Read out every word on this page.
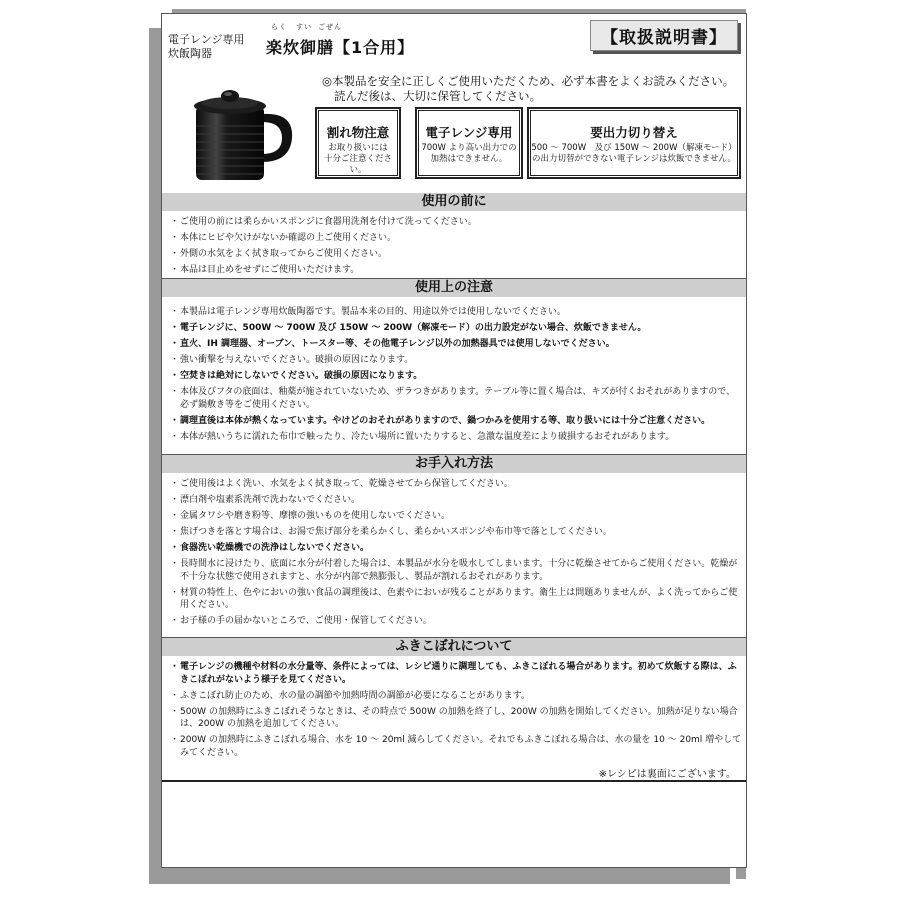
電子レンジ専用
炊飯陶器
らく すい ごぜん
楽炊御膳【1合用】	【取扱説明書】
◎本製品を安全に正しくご使用いただくため、必ず本書をよくお読みください。
読んだ後は、大切に保管してください。
割れ物注意
お取り扱いには
十分ご注意ください。
電子レンジ専用
700W より高い出力での
加熱はできません。
要出力切り替え
500 ～ 700W　及び 150W ～ 200W（解凍モード）
の出力切替ができない電子レンジは炊飯できません。
使用の前に
・ ご使用の前には柔らかいスポンジに食器用洗剤を付けて洗ってください。
・ 本体にヒビや欠けがないか確認の上ご使用ください。
・ 外側の水気をよく拭き取ってからご使用ください。
・ 本品は目止めをせずにご使用いただけます。
使用上の注意
・ 本製品は電子レンジ専用炊飯陶器です。製品本来の目的、用途以外では使用しないでください。
・ 電子レンジに、500W ～ 700W 及び 150W ～ 200W（解凍モード）の出力設定がない場合、炊飯できません。
・ 直火、IH 調理器、オーブン、トースター等、その他電子レンジ以外の加熱器具では使用しないでください。
・ 強い衝撃を与えないでください。破損の原因になります。
・ 空焚きは絶対にしないでください。破損の原因になります。
・ 本体及びフタの底面は、釉薬が施されていないため、ザラつきがあります。テーブル等に置く場合は、キズが付くおそれがありますので、必ず鍋敷き等をご使用ください。
・ 調理直後は本体が熱くなっています。やけどのおそれがありますので、鍋つかみを使用する等、取り扱いには十分ご注意ください。
・ 本体が熱いうちに濡れた布巾で触ったり、冷たい場所に置いたりすると、急激な温度差により破損するおそれがあります。
お手入れ方法
・ ご使用後はよく洗い、水気をよく拭き取って、乾燥させてから保管してください。
・ 漂白剤や塩素系洗剤で洗わないでください。
・ 金属タワシや磨き粉等、摩擦の強いものを使用しないでください。
・ 焦げつきを落とす場合は、お湯で焦げ部分を柔らかくし、柔らかいスポンジや布巾等で落としてください。
・ 食器洗い乾燥機での洗浄はしないでください。
・ 長時間水に浸けたり、底面に水分が付着した場合は、本製品が水分を吸水してしまいます。十分に乾燥させてからご使用ください。乾燥が不十分な状態で使用されますと、水分が内部で熱膨張し、製品が割れるおそれがあります。
・ 材質の特性上、色やにおいの強い食品の調理後は、色素やにおいが残ることがあります。衛生上は問題ありませんが、よく洗ってからご使用ください。
・ お子様の手の届かないところで、ご使用・保管してください。
ふきこぼれについて
・ 電子レンジの機種や材料の水分量等、条件によっては、レシピ通りに調理しても、ふきこぼれる場合があります。初めて炊飯する際は、ふきこぼれがないよう様子を見てください。
・ ふきこぼれ防止のため、水の量の調節や加熱時間の調節が必要になることがあります。
・ 500W の加熱時にふきこぼれそうなときは、その時点で 500W の加熱を終了し、200W の加熱を開始してください。加熱が足りない場合は、200W の加熱を追加してください。
・ 200W の加熱時にふきこぼれる場合、水を 10 ～ 20ml 減らしてください。それでもふきこぼれる場合は、水の量を 10 ～ 20ml 増やしてみてください。
※レシピは裏面にございます。
